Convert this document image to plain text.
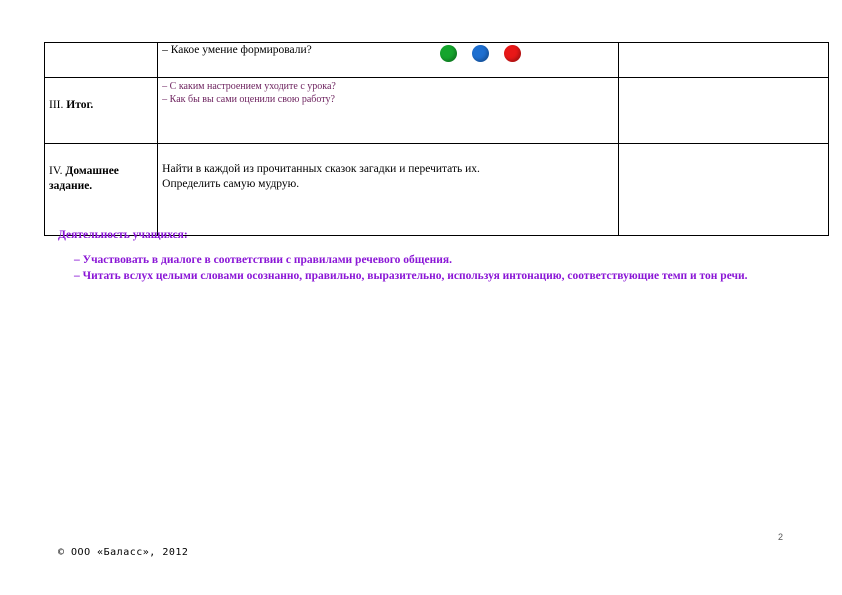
	– Какое умение формировали?	

III. Итог.	– С каким настроением уходите с урока?
– Как бы вы сами оценили свою работу?	

IV. Домашнее задание.	Найти в каждой из прочитанных сказок загадки и перечитать их.
Определить самую мудрую.	

Деятельность учащихся:
– Участвовать в диалоге в соответствии с правилами речевого общения.
– Читать вслух целыми словами осознанно, правильно, выразительно, используя интонацию, соответствующие темп и тон речи.
2
© ООО «Баласс», 2012
